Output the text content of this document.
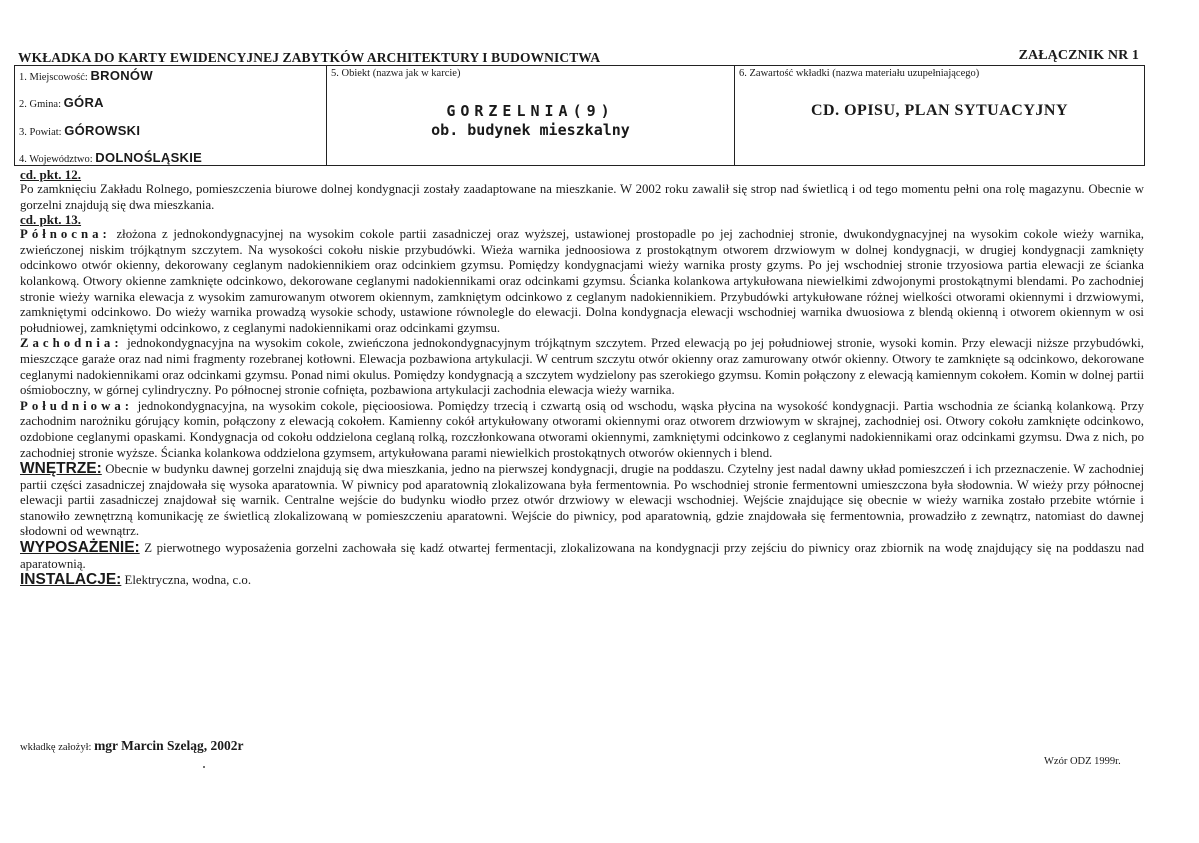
WKŁADKA DO KARTY EWIDENCYJNEJ ZABYTKÓW ARCHITEKTURY I BUDOWNICTWA	ZAŁĄCZNIK NR 1
1. Miejscowość: BRONÓW
2. Gmina: GÓRA
3. Powiat: GÓROWSKI
4. Województwo: DOLNOŚLĄSKIE
5. Obiekt (nazwa jak w karcie)
GORZELNIA(9)
ob. budynek mieszkalny
6. Zawartość wkładki (nazwa materiału uzupełniającego)
CD. OPISU, PLAN SYTUACYJNY
cd. pkt. 12.

Po zamknięciu Zakładu Rolnego, pomieszczenia biurowe dolnej kondygnacji zostały zaadaptowane na mieszkanie. W 2002 roku zawalił się strop nad świetlicą i od tego momentu pełni ona rolę magazynu. Obecnie w gorzelni znajdują się dwa mieszkania.

cd. pkt. 13.

Północna: złożona z jednokondygnacyjnej na wysokim cokole partii zasadniczej oraz wyższej, ustawionej prostopadle po jej zachodniej stronie, dwukondygnacyjnej na wysokim cokole wieży warnika, zwieńczonej niskim trójkątnym szczytem. Na wysokości cokołu niskie przybudówki. Wieża warnika jednoosiowa z prostokątnym otworem drzwiowym w dolnej kondygnacji, w drugiej kondygnacji zamknięty odcinkowo otwór okienny, dekorowany ceglanym nadokiennikiem oraz odcinkiem gzymsu. Pomiędzy kondygnacjami wieży warnika prosty gzyms. Po jej wschodniej stronie trzyosiowa partia elewacji ze ścianka kolankową. Otwory okienne zamknięte odcinkowo, dekorowane ceglanymi nadokiennikami oraz odcinkami gzymsu. Ścianka kolankowa artykułowana niewielkimi zdwojonymi prostokątnymi blendami. Po zachodniej stronie wieży warnika elewacja z wysokim zamurowanym otworem okiennym, zamkniętym odcinkowo z ceglanym nadokiennikiem. Przybudówki artykułowane różnej wielkości otworami okiennymi i drzwiowymi, zamkniętymi odcinkowo. Do wieży warnika prowadzą wysokie schody, ustawione równolegle do elewacji. Dolna kondygnacja elewacji wschodniej warnika dwuosiowa z blendą okienną i otworem okiennym w osi południowej, zamkniętymi odcinkowo, z ceglanymi nadokiennikami oraz odcinkami gzymsu.

Zachodnia: jednokondygnacyjna na wysokim cokole, zwieńczona jednokondygnacyjnym trójkątnym szczytem. Przed elewacją po jej południowej stronie, wysoki komin. Przy elewacji niższe przybudówki, mieszczące garaże oraz nad nimi fragmenty rozebranej kotłowni. Elewacja pozbawiona artykulacji. W centrum szczytu otwór okienny oraz zamurowany otwór okienny. Otwory te zamknięte są odcinkowo, dekorowane ceglanymi nadokiennikami oraz odcinkami gzymsu. Ponad nimi okulus. Pomiędzy kondygnacją a szczytem wydzielony pas szerokiego gzymsu. Komin połączony z elewacją kamiennym cokołem. Komin w dolnej partii ośmioboczny, w górnej cylindryczny. Po północnej stronie cofnięta, pozbawiona artykulacji zachodnia elewacja wieży warnika.

Południowa: jednokondygnacyjna, na wysokim cokole, pięcioosiowa. Pomiędzy trzecią i czwartą osią od wschodu, wąska płycina na wysokość kondygnacji. Partia wschodnia ze ścianką kolankową. Przy zachodnim narożniku górujący komin, połączony z elewacją cokołem. Kamienny cokół artykułowany otworami okiennymi oraz otworem drzwiowym w skrajnej, zachodniej osi. Otwory cokołu zamknięte odcinkowo, ozdobione ceglanymi opaskami. Kondygnacja od cokołu oddzielona ceglaną rolką, rozczłonkowana otworami okiennymi, zamkniętymi odcinkowo z ceglanymi nadokiennikami oraz odcinkami gzymsu. Dwa z nich, po zachodniej stronie wyższe. Ścianka kolankowa oddzielona gzymsem, artykułowana parami niewielkich prostokątnych otworów okiennych i blend.

WNĘTRZE: Obecnie w budynku dawnej gorzelni znajdują się dwa mieszkania, jedno na pierwszej kondygnacji, drugie na poddaszu. Czytelny jest nadal dawny układ pomieszczeń i ich przeznaczenie. W zachodniej partii części zasadniczej znajdowała się wysoka aparatownia. W piwnicy pod aparatownią zlokalizowana była fermentownia. Po wschodniej stronie fermentowni umieszczona była słodownia. W wieży przy północnej elewacji partii zasadniczej znajdował się warnik. Centralne wejście do budynku wiodło przez otwór drzwiowy w elewacji wschodniej. Wejście znajdujące się obecnie w wieży warnika zostało przebite wtórnie i stanowiło zewnętrzną komunikację ze świetlicą zlokalizowaną w pomieszczeniu aparatowni. Wejście do piwnicy, pod aparatownią, gdzie znajdowała się fermentownia, prowadziło z zewnątrz, natomiast do dawnej słodowni od wewnątrz.

WYPOSAŻENIE: Z pierwotnego wyposażenia gorzelni zachowała się kadź otwartej fermentacji, zlokalizowana na kondygnacji przy zejściu do piwnicy oraz zbiornik na wodę znajdujący się na poddaszu nad aparatownią.

INSTALACJE: Elektryczna, wodna, c.o.

wkładkę założył: mgr Marcin Szeląg, 2002r
Wzór ODZ 1999r.
